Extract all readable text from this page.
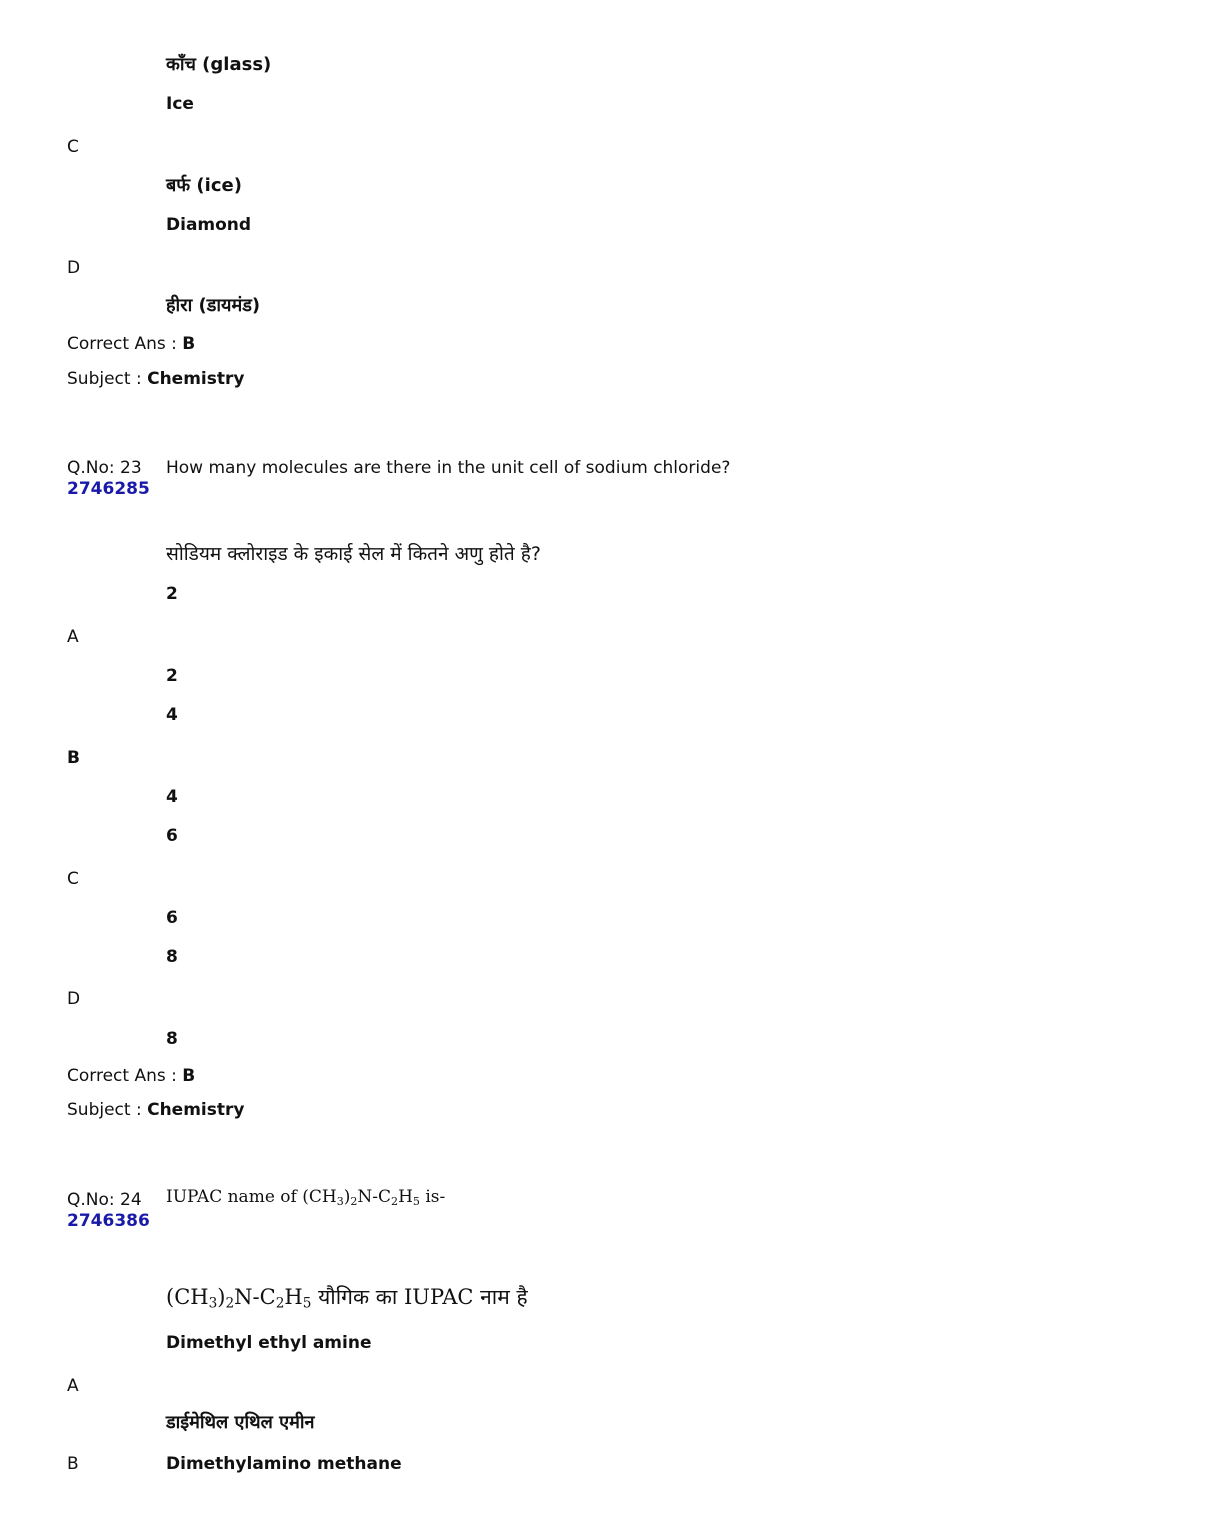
काँच (glass)
Ice
C
बर्फ (ice)
Diamond
D
हीरा (डायमंड)
Correct Ans : B
Subject : Chemistry
Q.No: 23 How many molecules are there in the unit cell of sodium chloride?
2746285
सोडियम क्लोराइड के इकाई सेल में कितने अणु होते है?
2
A
2
4
B
4
6
C
6
8
D
8
Correct Ans : B
Subject : Chemistry
Q.No: 24 IUPAC name of $(CH_3)_2N-C_2H_5$ is-
2746386
$(CH_3)_2N-C_2H_5$ यौगिक का IUPAC नाम है
Dimethyl ethyl amine
A
डाईमेथिल एथिल एमीन
B	Dimethylamino methane
